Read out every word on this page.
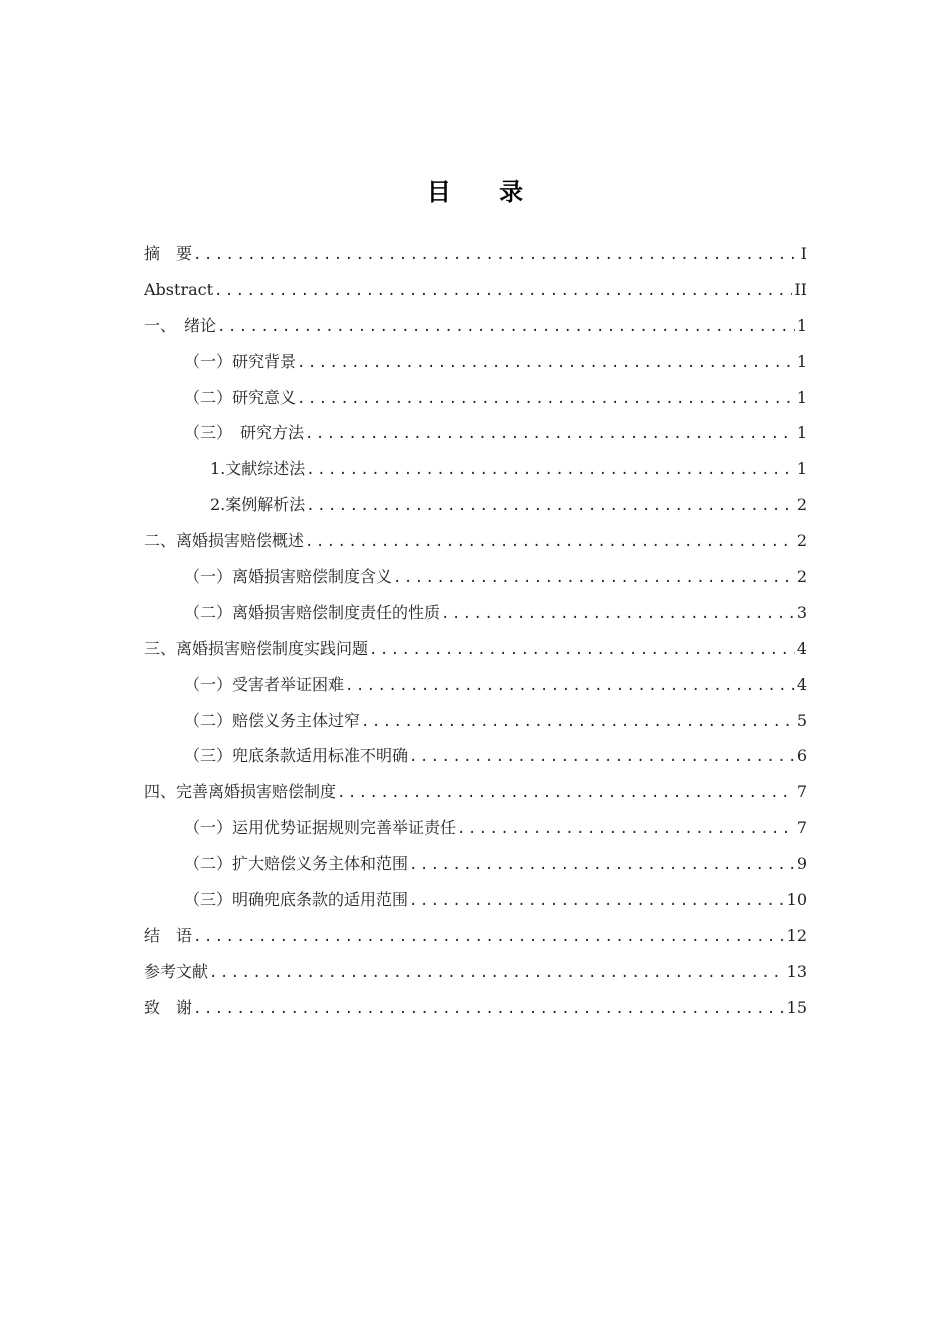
目 录
摘　要 .....	I
Abstract .....	II
一、　绪论 .....	1
（一）研究背景 .....	1
（二）研究意义 .....	1
（三）　研究方法 .....	1
1.文献综述法 .....	1
2.案例解析法 .....	2
二、离婚损害赔偿概述 .....	2
（一）离婚损害赔偿制度含义 .....	2
（二）离婚损害赔偿制度责任的性质 .....	3
三、离婚损害赔偿制度实践问题 .....	4
（一）受害者举证困难 .....	4
（二）赔偿义务主体过窄 .....	5
（三）兜底条款适用标准不明确 .....	6
四、完善离婚损害赔偿制度 .....	7
（一）运用优势证据规则完善举证责任 .....	7
（二）扩大赔偿义务主体和范围 .....	9
（三）明确兜底条款的适用范围 .....	10
结　语 .....	12
参考文献 .....	13
致　谢 .....	15
